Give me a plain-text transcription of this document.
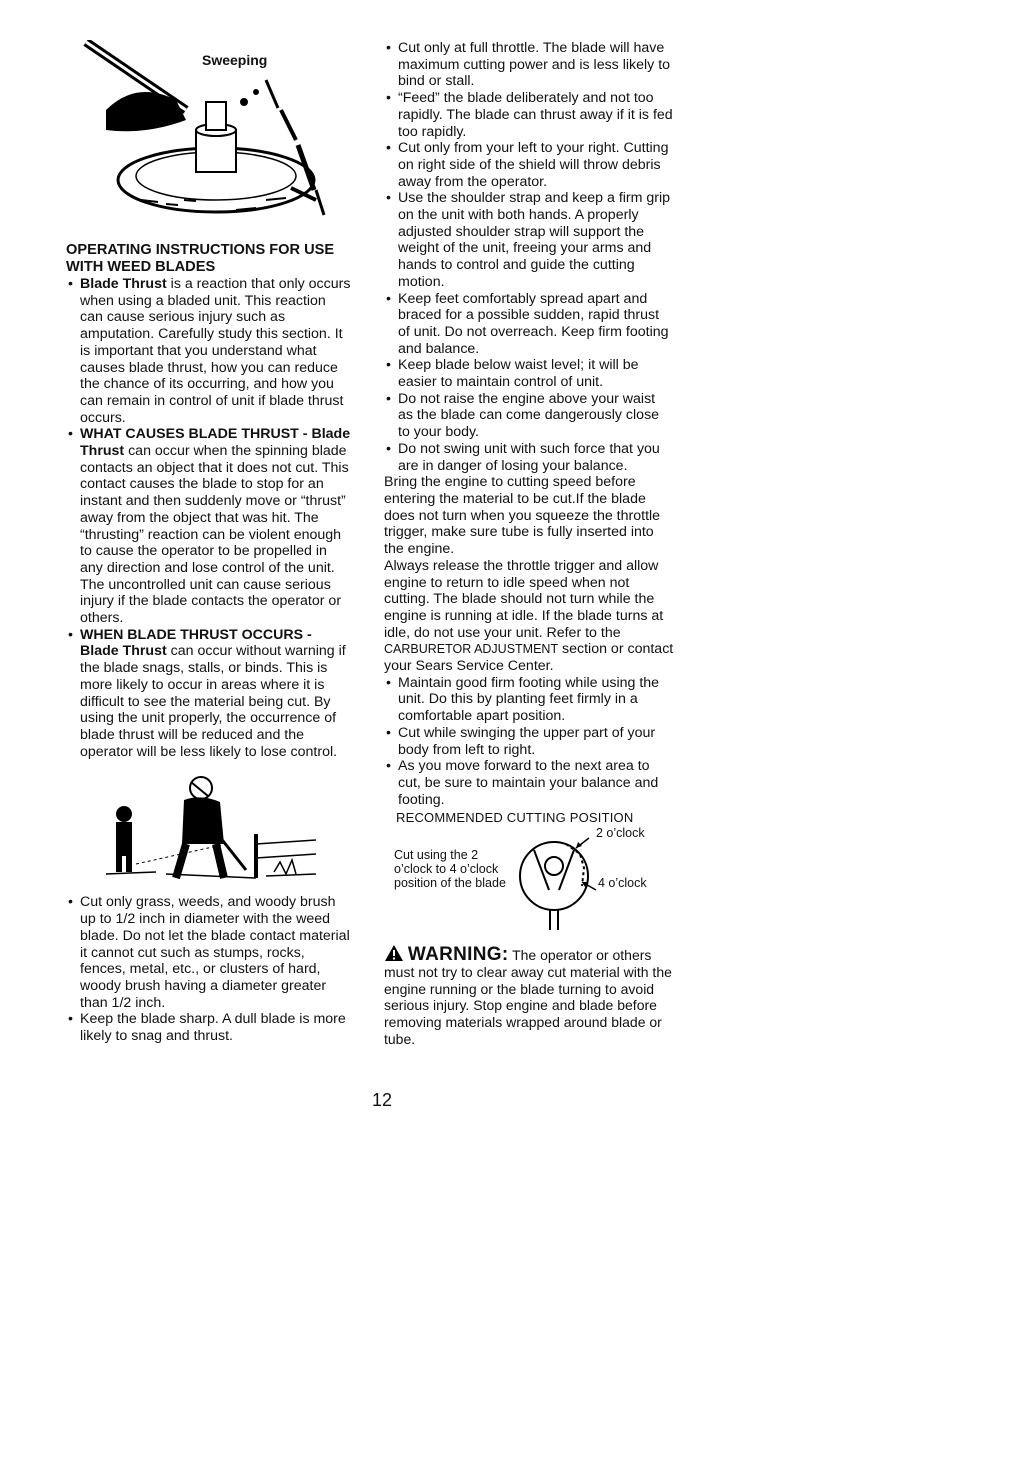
Sweeping

OPERATING INSTRUCTIONS FOR USE WITH WEED BLADES

• Blade Thrust is a reaction that only occurs when using a bladed unit. This reaction can cause serious injury such as amputation. Carefully study this section. It is important that you understand what causes blade thrust, how you can reduce the chance of its occurring, and how you can remain in control of unit if blade thrust occurs.
• WHAT CAUSES BLADE THRUST - Blade Thrust can occur when the spinning blade contacts an object that it does not cut. This contact causes the blade to stop for an instant and then suddenly move or “thrust” away from the object that was hit. The “thrusting” reaction can be violent enough to cause the operator to be propelled in any direction and lose control of the unit. The uncontrolled unit can cause serious injury if the blade contacts the operator or others.
• WHEN BLADE THRUST OCCURS - Blade Thrust can occur without warning if the blade snags, stalls, or binds. This is more likely to occur in areas where it is difficult to see the material being cut. By using the unit properly, the occurrence of blade thrust will be reduced and the operator will be less likely to lose control.
• Cut only grass, weeds, and woody brush up to 1/2 inch in diameter with the weed blade. Do not let the blade contact material it cannot cut such as stumps, rocks, fences, metal, etc., or clusters of hard, woody brush having a diameter greater than 1/2 inch.
• Keep the blade sharp. A dull blade is more likely to snag and thrust.
• Cut only at full throttle. The blade will have maximum cutting power and is less likely to bind or stall.
• “Feed” the blade deliberately and not too rapidly. The blade can thrust away if it is fed too rapidly.
• Cut only from your left to your right. Cutting on right side of the shield will throw debris away from the operator.
• Use the shoulder strap and keep a firm grip on the unit with both hands. A properly adjusted shoulder strap will support the weight of the unit, freeing your arms and hands to control and guide the cutting motion.
• Keep feet comfortably spread apart and braced for a possible sudden, rapid thrust of unit. Do not overreach. Keep firm footing and balance.
• Keep blade below waist level; it will be easier to maintain control of unit.
• Do not raise the engine above your waist as the blade can come dangerously close to your body.
• Do not swing unit with such force that you are in danger of losing your balance.

Bring the engine to cutting speed before entering the material to be cut.If the blade does not turn when you squeeze the throttle trigger, make sure tube is fully inserted into the engine.

Always release the throttle trigger and allow engine to return to idle speed when not cutting. The blade should not turn while the engine is running at idle. If the blade turns at idle, do not use your unit. Refer to the CARBURETOR ADJUSTMENT section or contact your Sears Service Center.

• Maintain good firm footing while using the unit. Do this by planting feet firmly in a comfortable apart position.
• Cut while swinging the upper part of your body from left to right.
• As you move forward to the next area to cut, be sure to maintain your balance and footing.
RECOMMENDED CUTTING POSITION
2 o’clock
4 o’clock
Cut using the 2 o’clock to 4 o’clock position of the blade

WARNING: The operator or others must not try to clear away cut material with the engine running or the blade turning to avoid serious injury. Stop engine and blade before removing materials wrapped around blade or tube.

12
